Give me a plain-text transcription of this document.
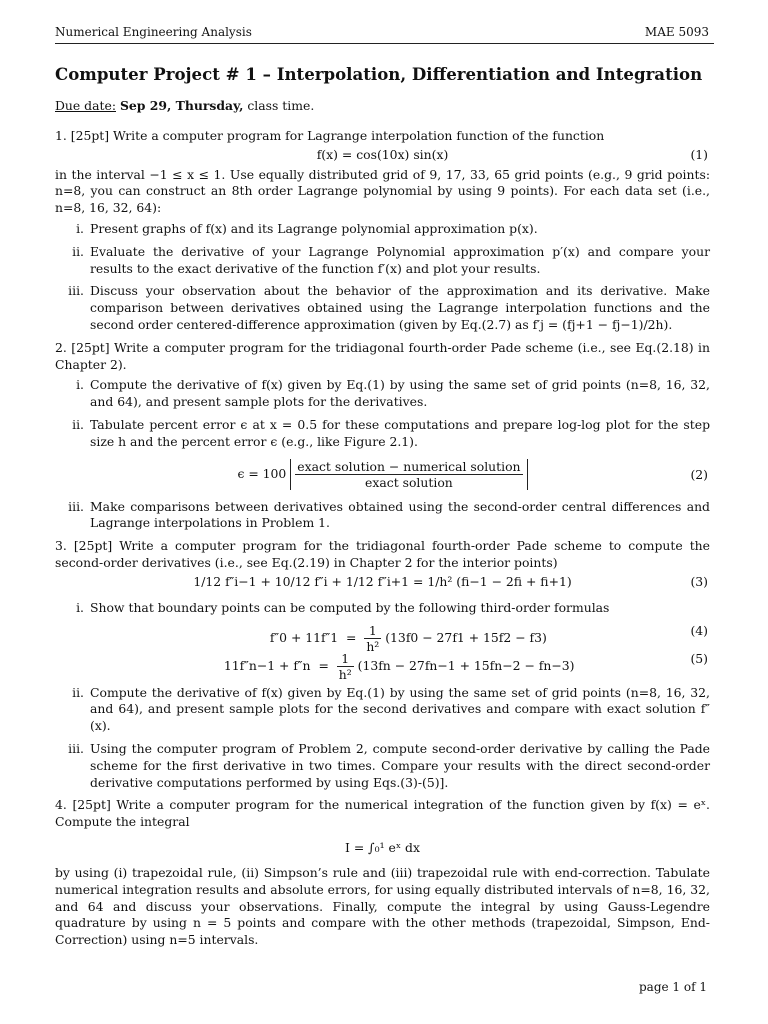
Numerical Engineering Analysis	MAE 5093
Computer Project # 1 – Interpolation, Differentiation and Integration

Due date: Sep 29, Thursday, class time.

1. [25pt] Write a computer program for Lagrange interpolation function of the function

f(x) = cos(10x) sin(x)	(1)

in the interval −1 ≤ x ≤ 1. Use equally distributed grid of 9, 17, 33, 65 grid points (e.g., 9 grid points: n=8, you can construct an 8th order Lagrange polynomial by using 9 points). For each data set (i.e., n=8, 16, 32, 64):

i. Present graphs of f(x) and its Lagrange polynomial approximation p(x).
ii. Evaluate the derivative of your Lagrange Polynomial approximation p′(x) and compare your results to the exact derivative of the function f′(x) and plot your results.
iii. Discuss your observation about the behavior of the approximation and its derivative. Make comparison between derivatives obtained using the Lagrange interpolation functions and the second order centered-difference approximation (given by Eq.(2.7) as f′j = (fj+1 − fj−1)/2h).

2. [25pt] Write a computer program for the tridiagonal fourth-order Pade scheme (i.e., see Eq.(2.18) in Chapter 2).

i. Compute the derivative of f(x) given by Eq.(1) by using the same set of grid points (n=8, 16, 32, and 64), and present sample plots for the derivatives.
ii. Tabulate percent error ϵ at x = 0.5 for these computations and prepare log-log plot for the step size h and the percent error ϵ (e.g., like Figure 2.1).
$\epsilon = 100 \frac{\text{exact solution − numerical solution}}{\text{exact solution}}$	(2)
iii. Make comparisons between derivatives obtained using the second-order central differences and Lagrange interpolations in Problem 1.

3. [25pt] Write a computer program for the tridiagonal fourth-order Pade scheme to compute the second-order derivatives (i.e., see Eq.(2.19) in Chapter 2 for the interior points)

1/12 f″i−1 + 10/12 f″i + 1/12 f″i+1 = 1/h² (fi−1 − 2fi + fi+1)	(3)
i. Show that boundary points can be computed by the following third-order formulas
$f''0 + 11f''1 = \frac{1}{\text{h²}} (13f0 - 27f1 + 15f2 - f3)$	(4)
$11f''n-1 + f''n = \frac{1}{\text{h²}} (13fn - 27fn-1 + 15fn-2 - fn-3)$	(5)
ii. Compute the derivative of f(x) given by Eq.(1) by using the same set of grid points (n=8, 16, 32, and 64), and present sample plots for the second derivatives and compare with exact solution f″(x).
iii. Using the computer program of Problem 2, compute second-order derivative by calling the Pade scheme for the first derivative in two times. Compare your results with the direct second-order derivative computations performed by using Eqs.(3)-(5)].

4. [25pt] Write a computer program for the numerical integration of the function given by f(x) = eˣ. Compute the integral

I = ∫₀¹ eˣ dx

by using (i) trapezoidal rule, (ii) Simpson’s rule and (iii) trapezoidal rule with end-correction. Tabulate numerical integration results and absolute errors, for using equally distributed intervals of n=8, 16, 32, and 64 and discuss your observations. Finally, compute the integral by using Gauss-Legendre quadrature by using n = 5 points and compare with the other methods (trapezoidal, Simpson, End-Correction) using n=5 intervals.

page 1 of 1
